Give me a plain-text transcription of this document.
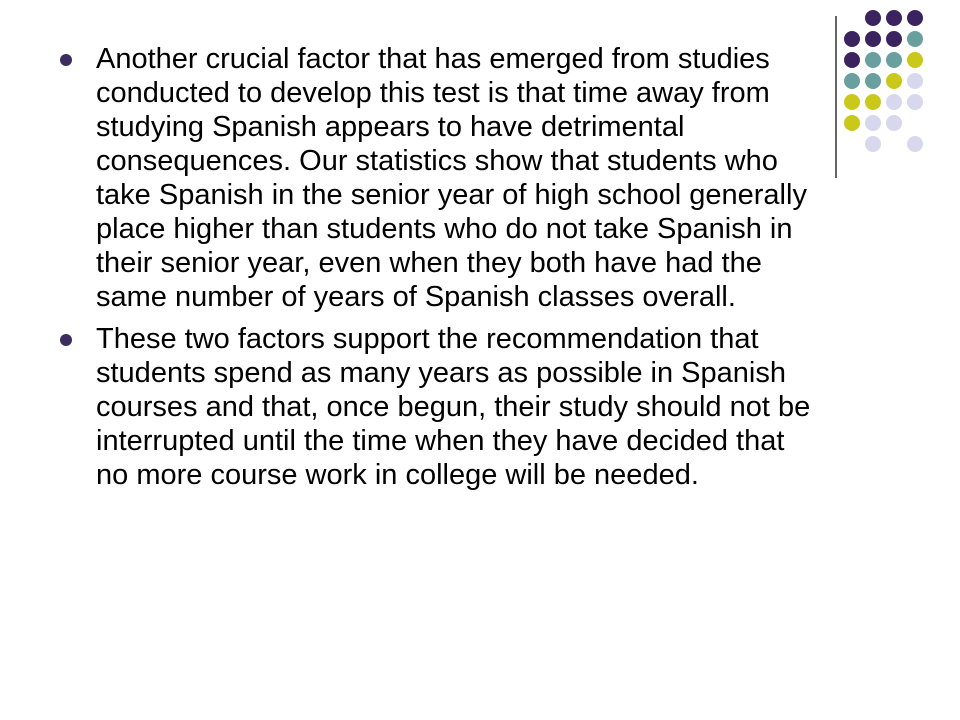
Another crucial factor that has emerged from studies conducted to develop this test is that time away from studying Spanish appears to have detrimental consequences. Our statistics show that students who take Spanish in the senior year of high school generally place higher than students who do not take Spanish in their senior year, even when they both have had the same number of years of Spanish classes overall.
These two factors support the recommendation that students spend as many years as possible in Spanish courses and that, once begun, their study should not be interrupted until the time when they have decided that no more course work in college will be needed.
